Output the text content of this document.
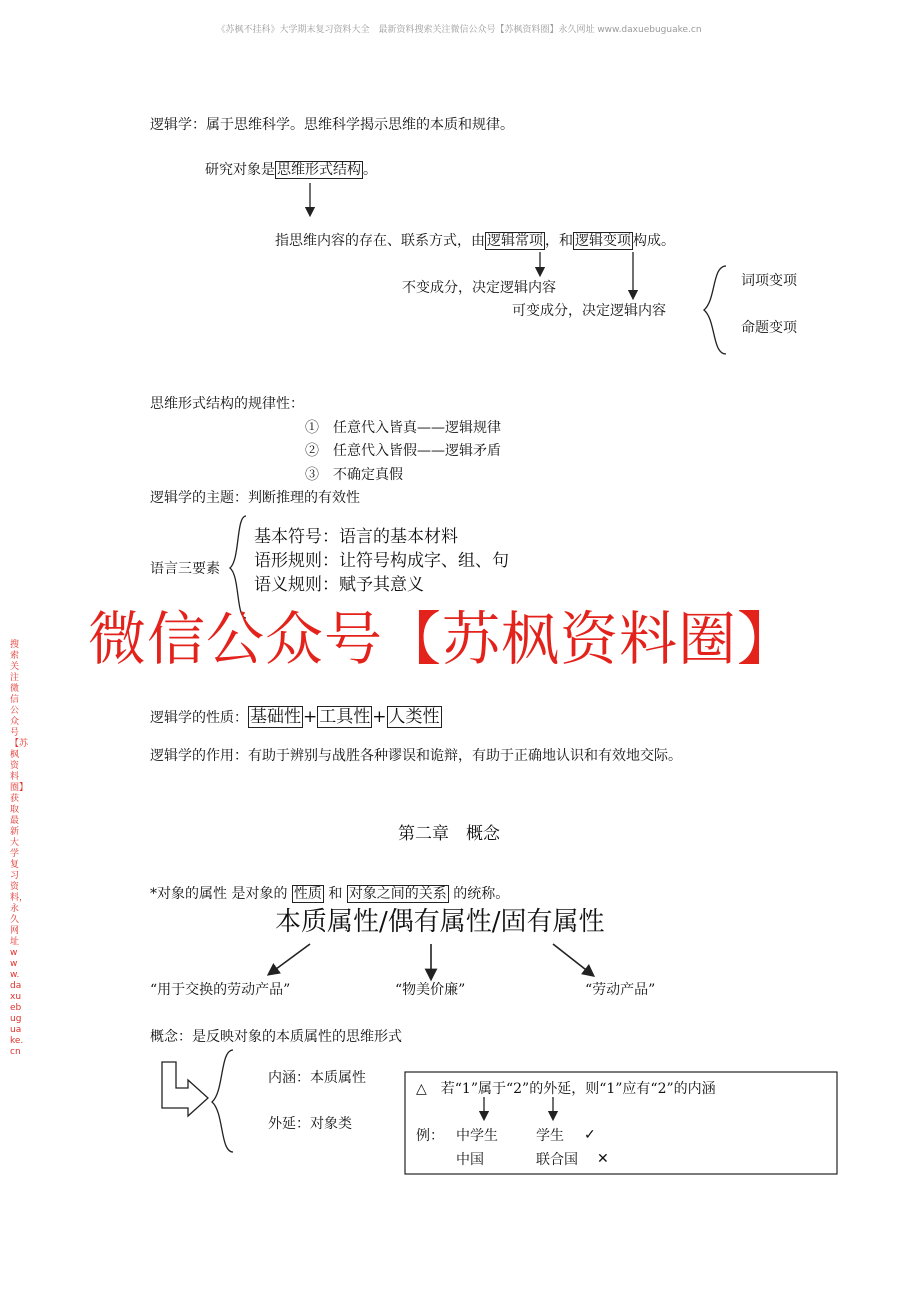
《苏枫不挂科》大学期末复习资料大全　最新资料搜索关注微信公众号【苏枫资料圈】永久网址 www.daxuebuguake.cn
搜索关注微信公众号【苏枫资料圈】获取最新大学复习资料，永久网址www.daxuebuguake.cn
逻辑学：属于思维科学。思维科学揭示思维的本质和规律。
研究对象是 思维形式结构 。
指思维内容的存在、联系方式，由 逻辑常项 ，和 逻辑变项 构成。
不变成分，决定逻辑内容
可变成分，决定逻辑内容
词项变项
命题变项
思维形式结构的规律性：
①　任意代入皆真——逻辑规律
②　任意代入皆假——逻辑矛盾
③　不确定真假
逻辑学的主题：判断推理的有效性
语言三要素
基本符号：语言的基本材料
语形规则：让符号构成字、组、句
语义规则：赋予其意义
微信公众号【苏枫资料圈】
逻辑学的性质： 基础性 + 工具性 + 人类性
逻辑学的作用：有助于辨别与战胜各种谬误和诡辩，有助于正确地认识和有效地交际。
第二章　概念
*对象的属性 是对象的 性质 和 对象之间的关系 的统称。
本质属性/偶有属性/固有属性
“用于交换的劳动产品”	“物美价廉”	“劳动产品”
概念：是反映对象的本质属性的思维形式
内涵：本质属性
外延：对象类
△　若“1”属于“2”的外延，则“1”应有“2”的内涵
例： 中学生	学生 ✓
中国	联合国 ✕
